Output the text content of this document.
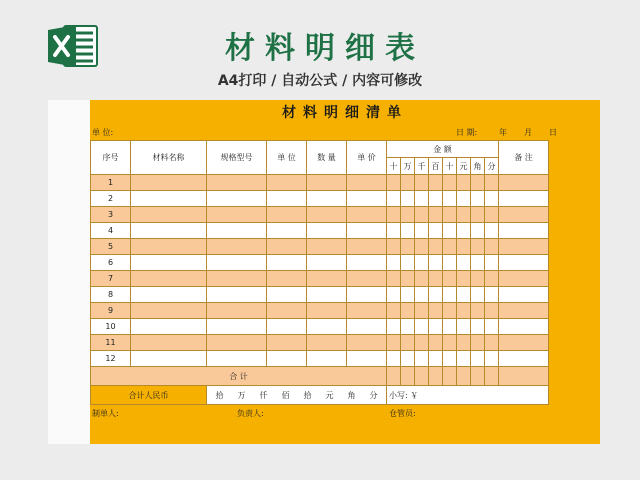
材料明细表
A4打印 / 自动公式 / 内容可修改
材料明细清单
单 位:	日 期:	年 月 日
序号	材料名称	规格型号	单 位	数 量	单 价	金 额								备 注
						十	万	千	百	十	元	角	分	
1														
2														
3														
4														
5														
6														
7														
8														
9														
10														
11														
12														
合 计														
合计人民币		拾 万 仟 佰 拾 元 角 分				小写: ￥								
制单人:	负责人:	仓管员:
